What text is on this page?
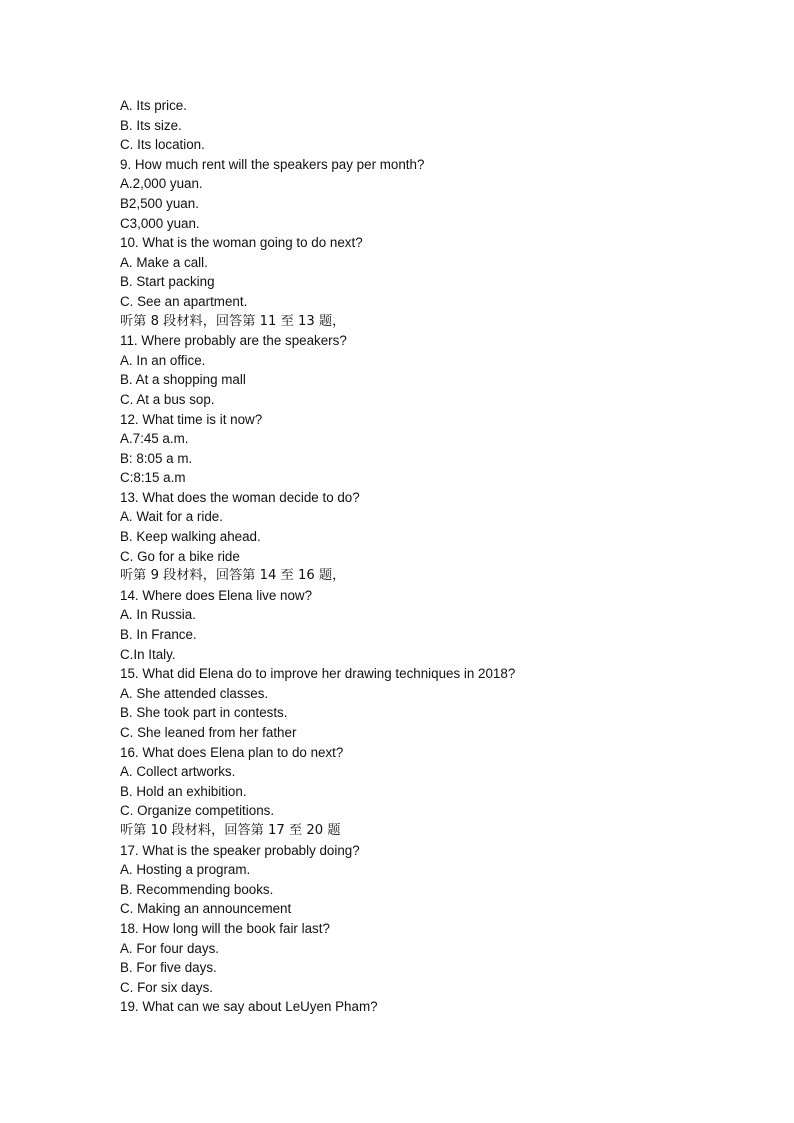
A. Its price.
B. Its size.
C. Its location.
9. How much rent will the speakers pay per month?
A.2,000 yuan.
B2,500 yuan.
C3,000 yuan.
10. What is the woman going to do next?
A. Make a call.
B. Start packing
C. See an apartment.
听第 8 段材料，回答第 11 至 13 题，
11. Where probably are the speakers?
A. In an office.
B. At a shopping mall
C. At a bus sop.
12. What time is it now?
A.7:45 a.m.
B: 8:05 a m.
C:8:15 a.m
13. What does the woman decide to do?
A. Wait for a ride.
B. Keep walking ahead.
C. Go for a bike ride
听第 9 段材料，回答第 14 至 16 题，
14. Where does Elena live now?
A. In Russia.
B. In France.
C.In Italy.
15. What did Elena do to improve her drawing techniques in 2018?
A. She attended classes.
B. She took part in contests.
C. She leaned from her father
16. What does Elena plan to do next?
A. Collect artworks.
B. Hold an exhibition.
C. Organize competitions.
听第 10 段材料，回答第 17 至 20 题
17. What is the speaker probably doing?
A. Hosting a program.
B. Recommending books.
C. Making an announcement
18. How long will the book fair last?
A. For four days.
B. For five days.
C. For six days.
19. What can we say about LeUyen Pham?
